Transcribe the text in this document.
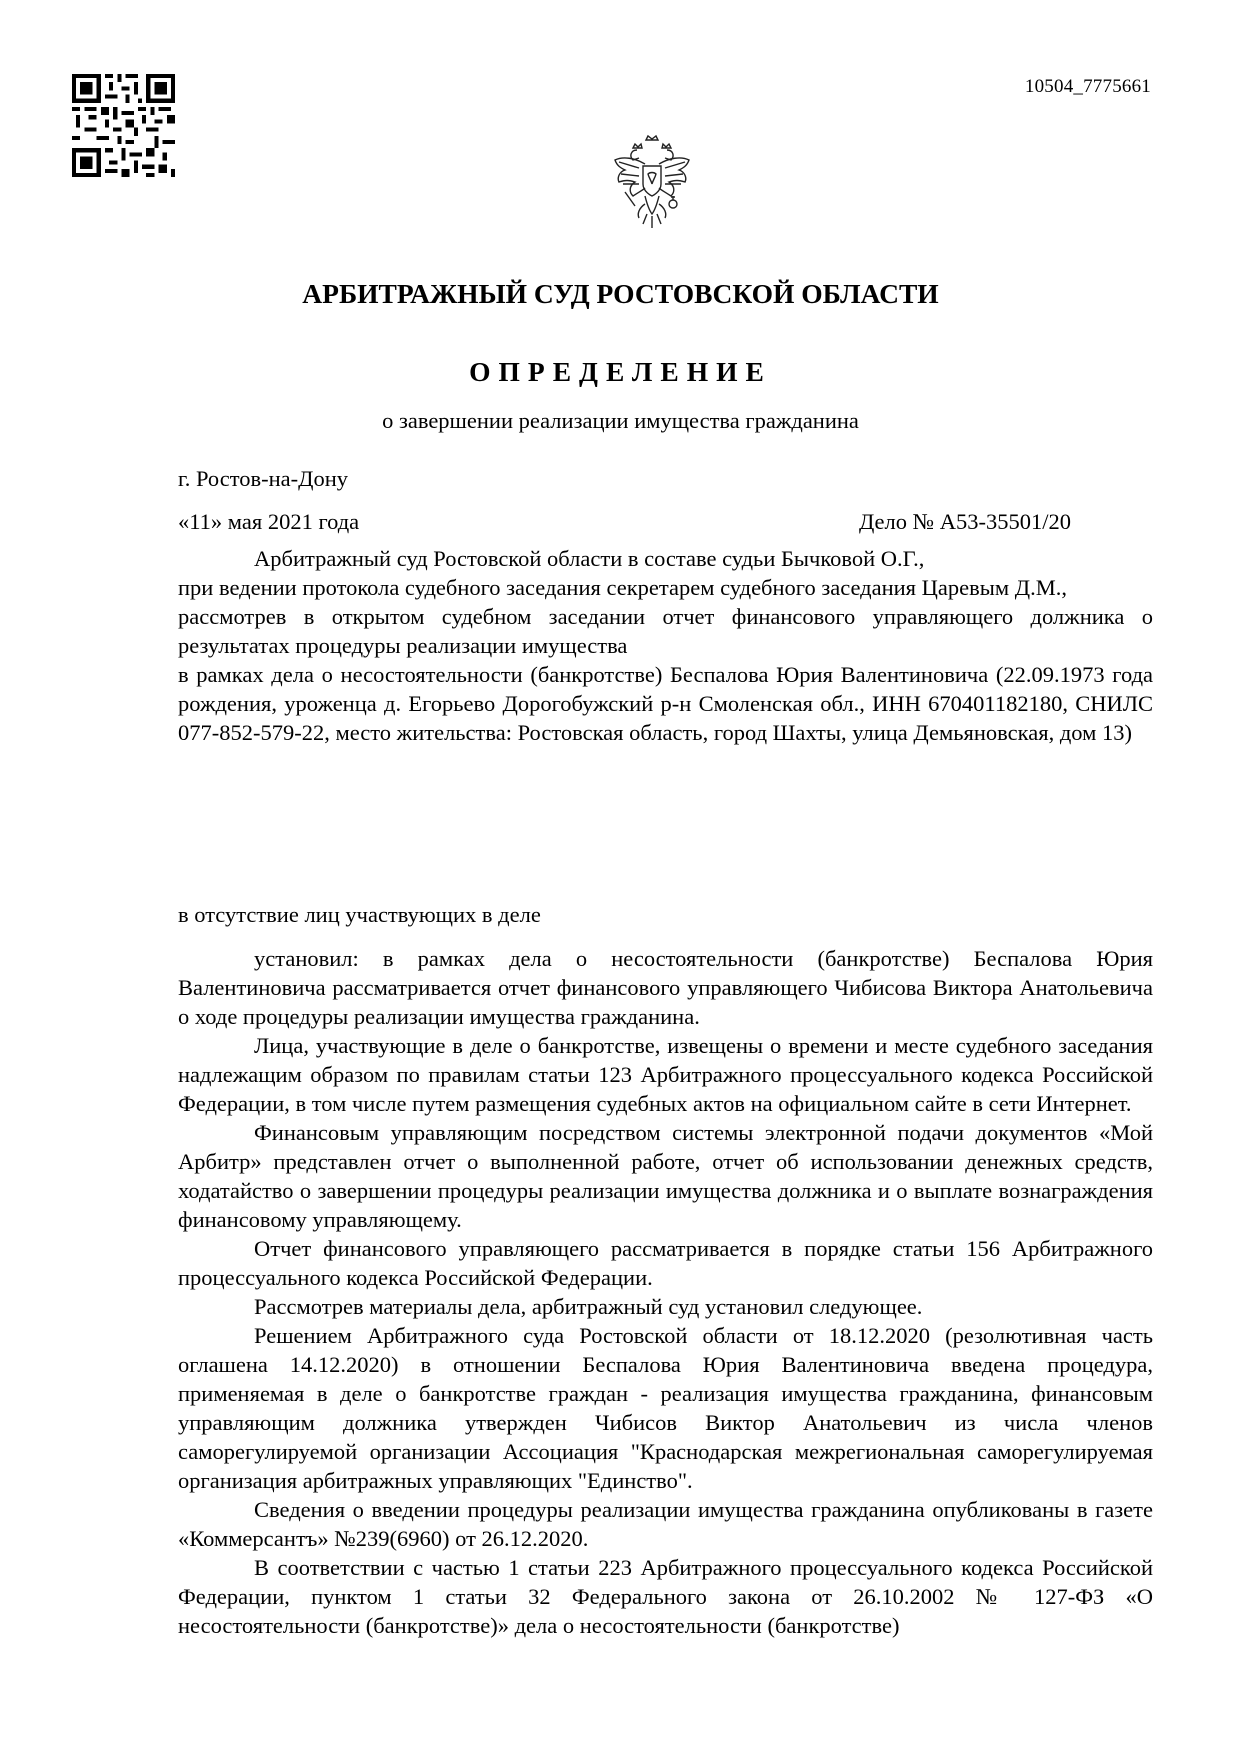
10504_7775661
АРБИТРАЖНЫЙ СУД РОСТОВСКОЙ ОБЛАСТИ
ОПРЕДЕЛЕНИЕ
о завершении реализации имущества гражданина
г. Ростов-на-Дону
«11» мая 2021 года	Дело № А53-35501/20

Арбитражный суд Ростовской области в составе судьи Бычковой О.Г.,

при ведении протокола судебного заседания секретарем судебного заседания Царевым Д.М.,

рассмотрев в открытом судебном заседании отчет финансового управляющего должника о результатах процедуры реализации имущества

в рамках дела о несостоятельности (банкротстве) Беспалова Юрия Валентиновича (22.09.1973 года рождения, уроженца д. Егорьево Дорогобужский р-н Смоленская обл., ИНН 670401182180, СНИЛС 077-852-579-22, место жительства: Ростовская область, город Шахты, улица Демьяновская, дом 13)

в отсутствие лиц участвующих в деле

установил: в рамках дела о несостоятельности (банкротстве) Беспалова Юрия Валентиновича рассматривается отчет финансового управляющего Чибисова Виктора Анатольевича о ходе процедуры реализации имущества гражданина.

Лица, участвующие в деле о банкротстве, извещены о времени и месте судебного заседания надлежащим образом по правилам статьи 123 Арбитражного процессуального кодекса Российской Федерации, в том числе путем размещения судебных актов на официальном сайте в сети Интернет.

Финансовым управляющим посредством системы электронной подачи документов «Мой Арбитр» представлен отчет о выполненной работе, отчет об использовании денежных средств, ходатайство о завершении процедуры реализации имущества должника и о выплате вознаграждения финансовому управляющему.

Отчет финансового управляющего рассматривается в порядке статьи 156 Арбитражного процессуального кодекса Российской Федерации.

Рассмотрев материалы дела, арбитражный суд установил следующее.

Решением Арбитражного суда Ростовской области от 18.12.2020 (резолютивная часть оглашена 14.12.2020) в отношении Беспалова Юрия Валентиновича введена процедура, применяемая в деле о банкротстве граждан - реализация имущества гражданина, финансовым управляющим должника утвержден Чибисов Виктор Анатольевич из числа членов саморегулируемой организации Ассоциация "Краснодарская межрегиональная саморегулируемая организация арбитражных управляющих "Единство".

Сведения о введении процедуры реализации имущества гражданина опубликованы в газете «Коммерсантъ» №239(6960) от 26.12.2020.

В соответствии с частью 1 статьи 223 Арбитражного процессуального кодекса Российской Федерации, пунктом 1 статьи 32 Федерального закона от 26.10.2002 № 127-ФЗ «О несостоятельности (банкротстве)» дела о несостоятельности (банкротстве)
